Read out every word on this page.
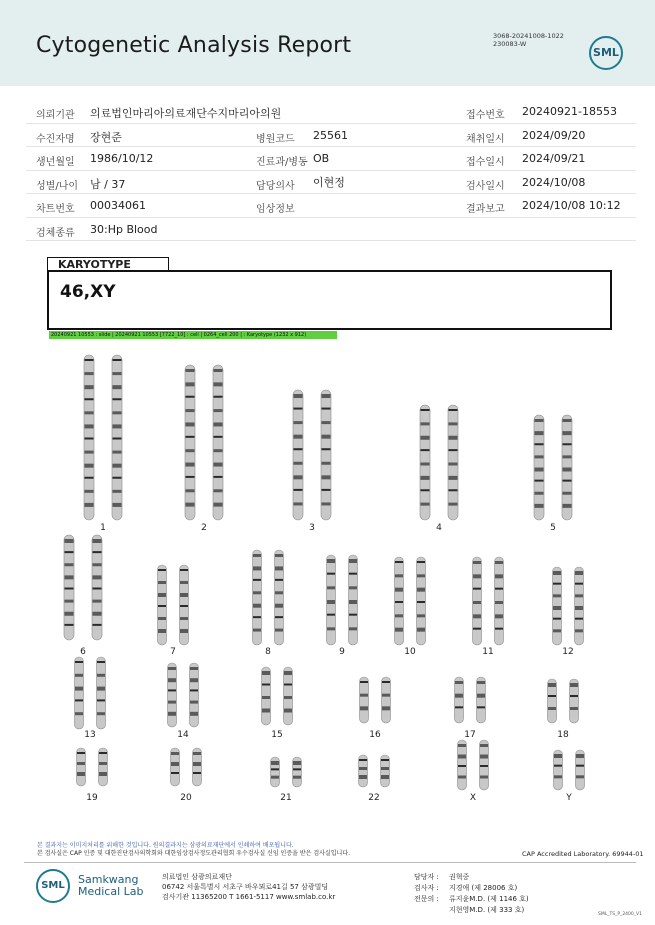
Cytogenetic Analysis Report	3068-20241008-1022
230083-W
SML
의뢰기관 의료법인마리아의료재단수지마리아의원	접수번호 20240921-18553
수진자명 장현준	병원코드 25561	채취일시 2024/09/20
생년월일 1986/10/12	진료과/병동 OB	접수일시 2024/09/21
성별/나이 남 / 37	담당의사 이현정	검사일시 2024/10/08
차트번호 00034061	임상정보	결과보고 2024/10/08 10:12
검체종류 30:Hp Blood
KARYOTYPE
46,XY
20240921 10553 : slide | 20240921 10553 [7722_10] : cell | 0264_cell 200 | : Karyotype (1232 x 912)
1	2	3	4	5
6	7	8	9	10	11	12
13	14	15	16	17	18
19	20	21	22	X	Y
본 결과지는 이미지처리를 위해한 것입니다. 원의결과지는 삼광의료재단에서 인쇄하여 배포됩니다.
본 검사실은 CAP 인증 및 대한진단검사의학회와 대한임상검사정도관리협회 우수검사실 신임 인증을 받은 검사실입니다.	CAP Accredited Laboratory. 69944-01
SML Samkwang
Medical Lab
의료법인 삼광의료재단
06742 서울특별시 서초구 바우뫼로41길 57 삼광빌딩
검사기관 11365200 T 1661-5117 www.smlab.co.kr
담당자 : 권혁중
검사자 : 지경애 (제 28006 호)
전문의 : 류지윤M.D. (제 1146 호)
지현영M.D. (제 333 호)
SML_TS_P_2400_V1
